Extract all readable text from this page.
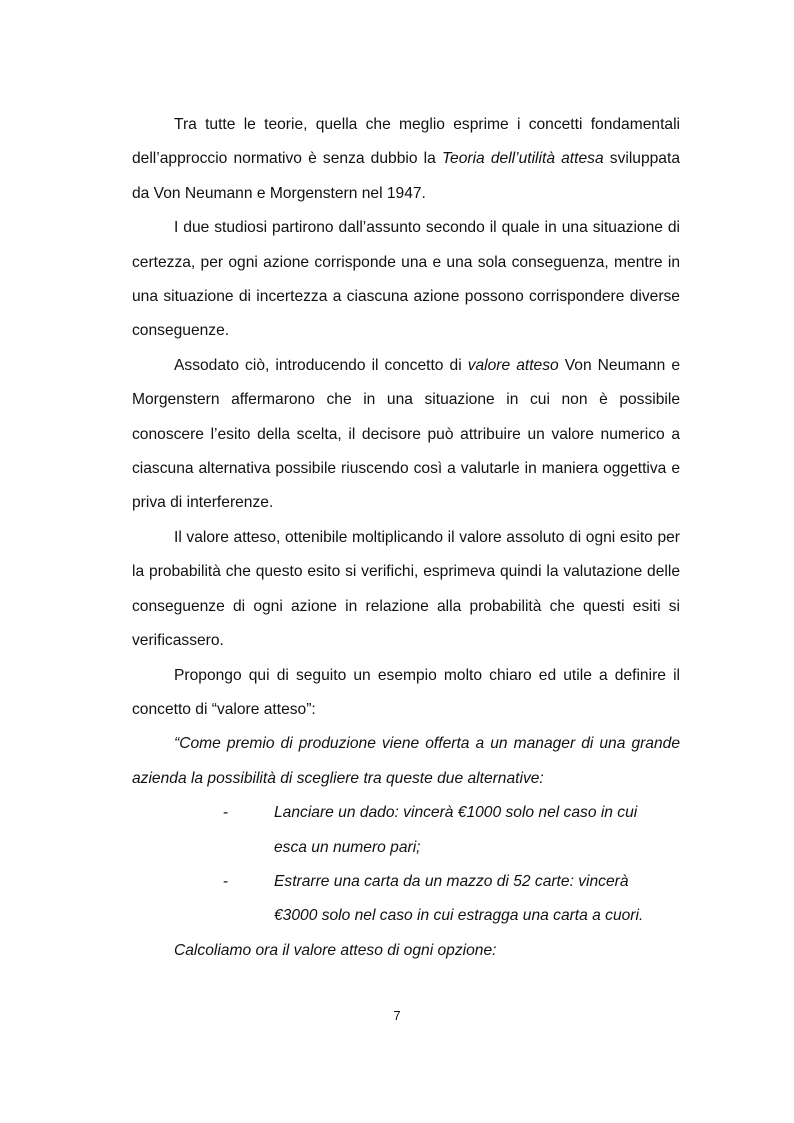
Tra tutte le teorie, quella che meglio esprime i concetti fondamentali dell’approccio normativo è senza dubbio la Teoria dell’utilità attesa sviluppata da Von Neumann e Morgenstern nel 1947.

I due studiosi partirono dall’assunto secondo il quale in una situazione di certezza, per ogni azione corrisponde una e una sola conseguenza, mentre in una situazione di incertezza a ciascuna azione possono corrispondere diverse conseguenze.

Assodato ciò, introducendo il concetto di valore atteso Von Neumann e Morgenstern affermarono che in una situazione in cui non è possibile conoscere l’esito della scelta, il decisore può attribuire un valore numerico a ciascuna alternativa possibile riuscendo così a valutarle in maniera oggettiva e priva di interferenze.

Il valore atteso, ottenibile moltiplicando il valore assoluto di ogni esito per la probabilità che questo esito si verifichi, esprimeva quindi la valutazione delle conseguenze di ogni azione in relazione alla probabilità che questi esiti si verificassero.

Propongo qui di seguito un esempio molto chiaro ed utile a definire il concetto di “valore atteso”:

“Come premio di produzione viene offerta a un manager di una grande azienda la possibilità di scegliere tra queste due alternative:

-	Lanciare un dado: vincerà €1000 solo nel caso in cui esca un numero pari;
-	Estrarre una carta da un mazzo di 52 carte: vincerà €3000 solo nel caso in cui estragga una carta a cuori.

Calcoliamo ora il valore atteso di ogni opzione:

7
